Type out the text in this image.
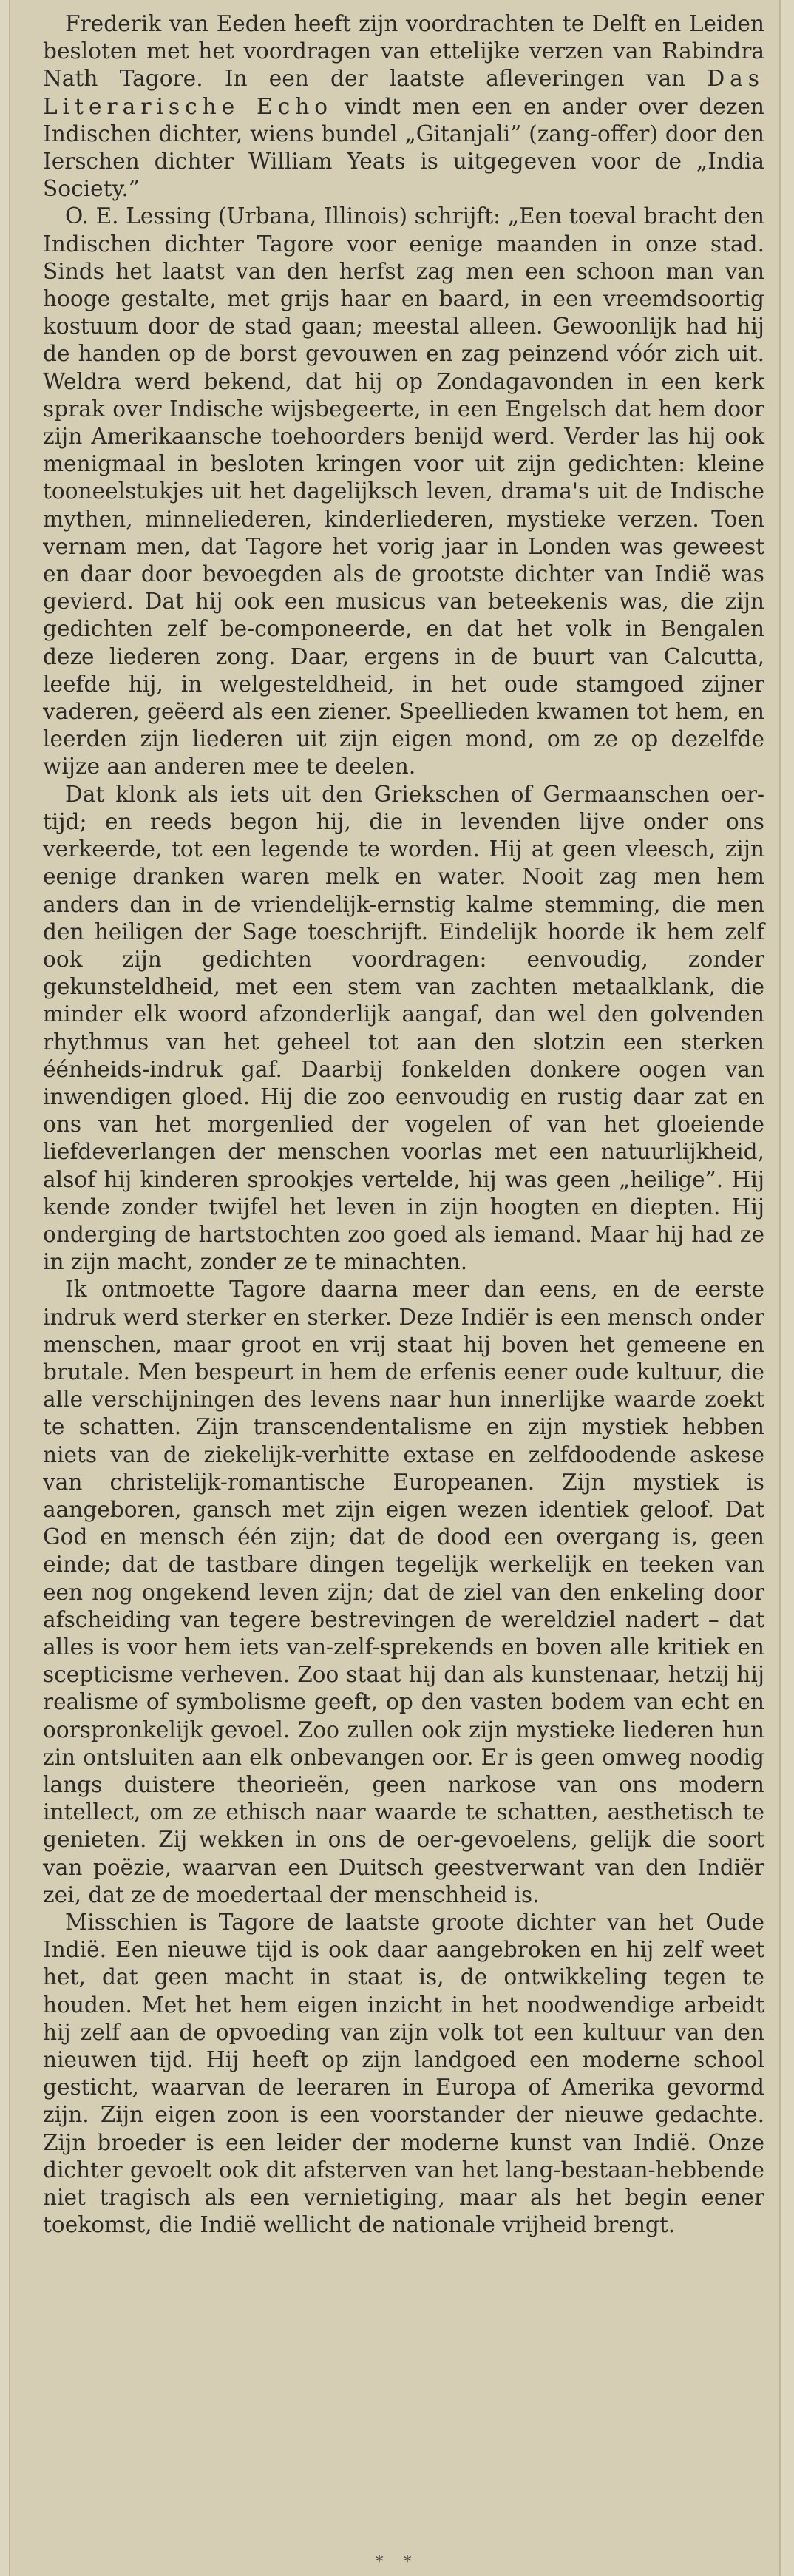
Frederik van Eeden heeft zijn voordrachten te Delft en Leiden besloten met het voordragen van ettelijke verzen van Rabindra Nath Tagore. In een der laatste afleveringen van Das Literarische Echo vindt men een en ander over dezen Indischen dichter, wiens bundel „Gitanjali” (zang-offer) door den Ierschen dichter William Yeats is uitgegeven voor de „India Society.”

O. E. Lessing (Urbana, Illinois) schrijft: „Een toeval bracht den Indischen dichter Tagore voor eenige maanden in onze stad. Sinds het laatst van den herfst zag men een schoon man van hooge gestalte, met grijs haar en baard, in een vreemdsoortig kostuum door de stad gaan; meestal alleen. Gewoonlijk had hij de handen op de borst gevouwen en zag peinzend vóór zich uit. Weldra werd bekend, dat hij op Zondagavonden in een kerk sprak over Indische wijsbegeerte, in een Engelsch dat hem door zijn Amerikaansche toehoorders benijd werd. Verder las hij ook menigmaal in besloten kringen voor uit zijn gedichten: kleine tooneelstukjes uit het dagelijksch leven, drama's uit de Indische mythen, minneliederen, kinderliederen, mystieke verzen. Toen vernam men, dat Tagore het vorig jaar in Londen was geweest en daar door bevoegden als de grootste dichter van Indië was gevierd. Dat hij ook een musicus van beteekenis was, die zijn gedichten zelf be-componeerde, en dat het volk in Bengalen deze liederen zong. Daar, ergens in de buurt van Calcutta, leefde hij, in welgesteldheid, in het oude stamgoed zijner vaderen, geëerd als een ziener. Speellieden kwamen tot hem, en leerden zijn liederen uit zijn eigen mond, om ze op dezelfde wijze aan anderen mee te deelen.

Dat klonk als iets uit den Griekschen of Germaanschen oer-tijd; en reeds begon hij, die in levenden lijve onder ons verkeerde, tot een legende te worden. Hij at geen vleesch, zijn eenige dranken waren melk en water. Nooit zag men hem anders dan in de vriendelijk-ernstig kalme stemming, die men den heiligen der Sage toeschrijft. Eindelijk hoorde ik hem zelf ook zijn gedichten voordragen: eenvoudig, zonder gekunsteldheid, met een stem van zachten metaalklank, die minder elk woord afzonderlijk aangaf, dan wel den golvenden rhythmus van het geheel tot aan den slotzin een sterken éénheids-indruk gaf. Daarbij fonkelden donkere oogen van inwendigen gloed. Hij die zoo eenvoudig en rustig daar zat en ons van het morgenlied der vogelen of van het gloeiende liefdeverlangen der menschen voorlas met een natuurlijkheid, alsof hij kinderen sprookjes vertelde, hij was geen „heilige”. Hij kende zonder twijfel het leven in zijn hoogten en diepten. Hij onderging de hartstochten zoo goed als iemand. Maar hij had ze in zijn macht, zonder ze te minachten.

Ik ontmoette Tagore daarna meer dan eens, en de eerste indruk werd sterker en sterker. Deze Indiër is een mensch onder menschen, maar groot en vrij staat hij boven het gemeene en brutale. Men bespeurt in hem de erfenis eener oude kultuur, die alle verschijningen des levens naar hun innerlijke waarde zoekt te schatten. Zijn transcendentalisme en zijn mystiek hebben niets van de ziekelijk-verhitte extase en zelfdoodende askese van christelijk-romantische Europeanen. Zijn mystiek is aangeboren, gansch met zijn eigen wezen identiek geloof. Dat God en mensch één zijn; dat de dood een overgang is, geen einde; dat de tastbare dingen tegelijk werkelijk en teeken van een nog ongekend leven zijn; dat de ziel van den enkeling door afscheiding van tegere bestrevingen de wereldziel nadert – dat alles is voor hem iets van-zelf-sprekends en boven alle kritiek en scepticisme verheven. Zoo staat hij dan als kunstenaar, hetzij hij realisme of symbolisme geeft, op den vasten bodem van echt en oorspronkelijk gevoel. Zoo zullen ook zijn mystieke liederen hun zin ontsluiten aan elk onbevangen oor. Er is geen omweg noodig langs duistere theorieën, geen narkose van ons modern intellect, om ze ethisch naar waarde te schatten, aesthetisch te genieten. Zij wekken in ons de oer-gevoelens, gelijk die soort van poëzie, waarvan een Duitsch geestverwant van den Indiër zei, dat ze de moedertaal der menschheid is.

Misschien is Tagore de laatste groote dichter van het Oude Indië. Een nieuwe tijd is ook daar aangebroken en hij zelf weet het, dat geen macht in staat is, de ontwikkeling tegen te houden. Met het hem eigen inzicht in het noodwendige arbeidt hij zelf aan de opvoeding van zijn volk tot een kultuur van den nieuwen tijd. Hij heeft op zijn landgoed een moderne school gesticht, waarvan de leeraren in Europa of Amerika gevormd zijn. Zijn eigen zoon is een voorstander der nieuwe gedachte. Zijn broeder is een leider der moderne kunst van Indië. Onze dichter gevoelt ook dit afsterven van het lang-bestaan-hebbende niet tragisch als een vernietiging, maar als het begin eener toekomst, die Indië wellicht de nationale vrijheid brengt.

* *
